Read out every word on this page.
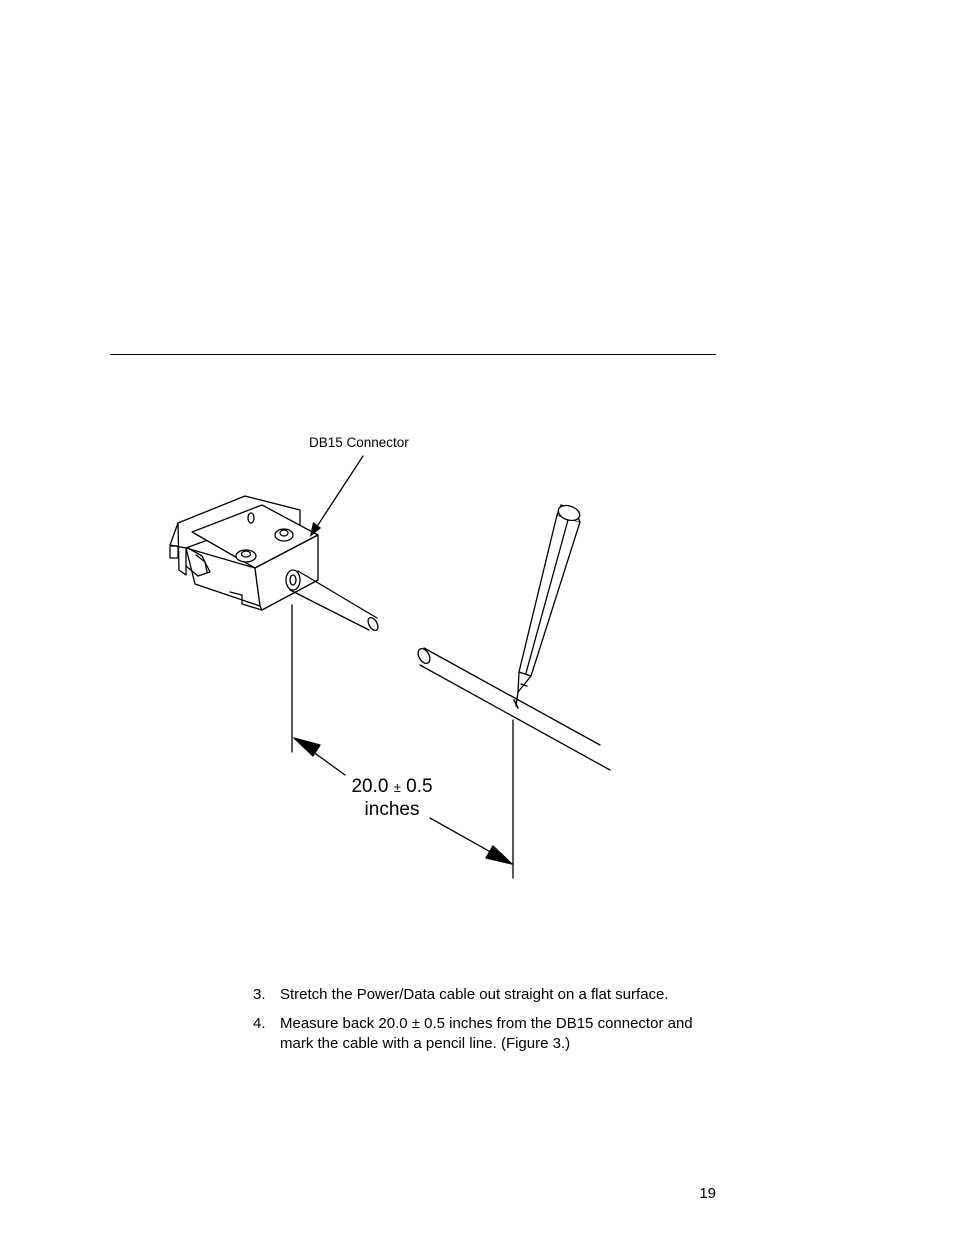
DB15 Connector
20.0 ± 0.5
inches
3. Stretch the Power/Data cable out straight on a flat surface.
4. Measure back 20.0 ± 0.5 inches from the DB15 connector and mark the cable with a pencil line. (Figure 3.)
19
